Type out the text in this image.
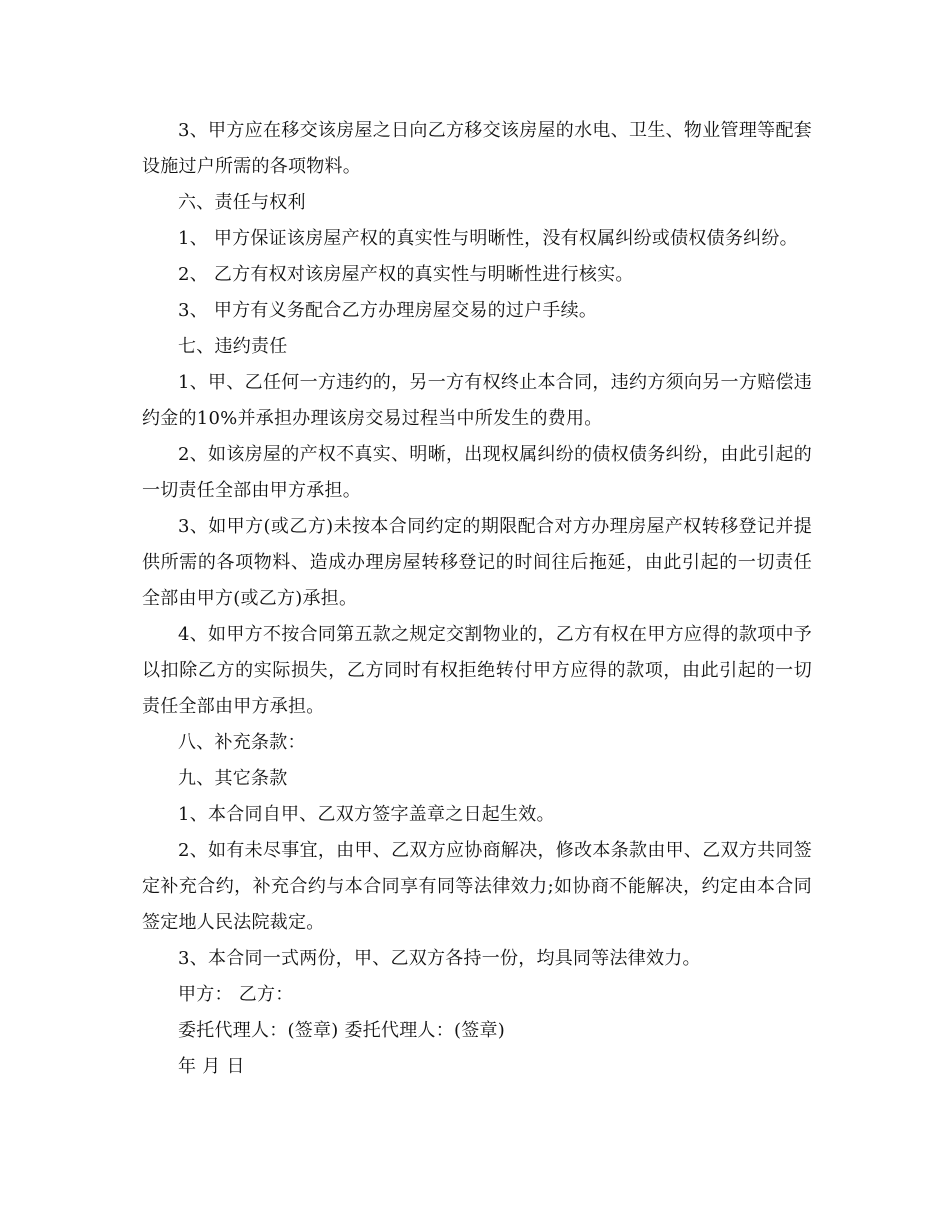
3、甲方应在移交该房屋之日向乙方移交该房屋的水电、卫生、物业管理等配套设施过户所需的各项物料。

六、责任与权利

1、 甲方保证该房屋产权的真实性与明晰性，没有权属纠纷或债权债务纠纷。

2、 乙方有权对该房屋产权的真实性与明晰性进行核实。

3、 甲方有义务配合乙方办理房屋交易的过户手续。

七、违约责任

1、甲、乙任何一方违约的，另一方有权终止本合同，违约方须向另一方赔偿违约金的10%并承担办理该房交易过程当中所发生的费用。

2、如该房屋的产权不真实、明晰，出现权属纠纷的债权债务纠纷，由此引起的一切责任全部由甲方承担。

3、如甲方(或乙方)未按本合同约定的期限配合对方办理房屋产权转移登记并提供所需的各项物料、造成办理房屋转移登记的时间往后拖延，由此引起的一切责任全部由甲方(或乙方)承担。

4、如甲方不按合同第五款之规定交割物业的，乙方有权在甲方应得的款项中予以扣除乙方的实际损失，乙方同时有权拒绝转付甲方应得的款项，由此引起的一切责任全部由甲方承担。

八、补充条款：

九、其它条款

1、本合同自甲、乙双方签字盖章之日起生效。

2、如有未尽事宜，由甲、乙双方应协商解决，修改本条款由甲、乙双方共同签定补充合约，补充合约与本合同享有同等法律效力;如协商不能解决，约定由本合同签定地人民法院裁定。

3、本合同一式两份，甲、乙双方各持一份，均具同等法律效力。

甲方： 乙方：

委托代理人：(签章) 委托代理人：(签章)

年 月 日
